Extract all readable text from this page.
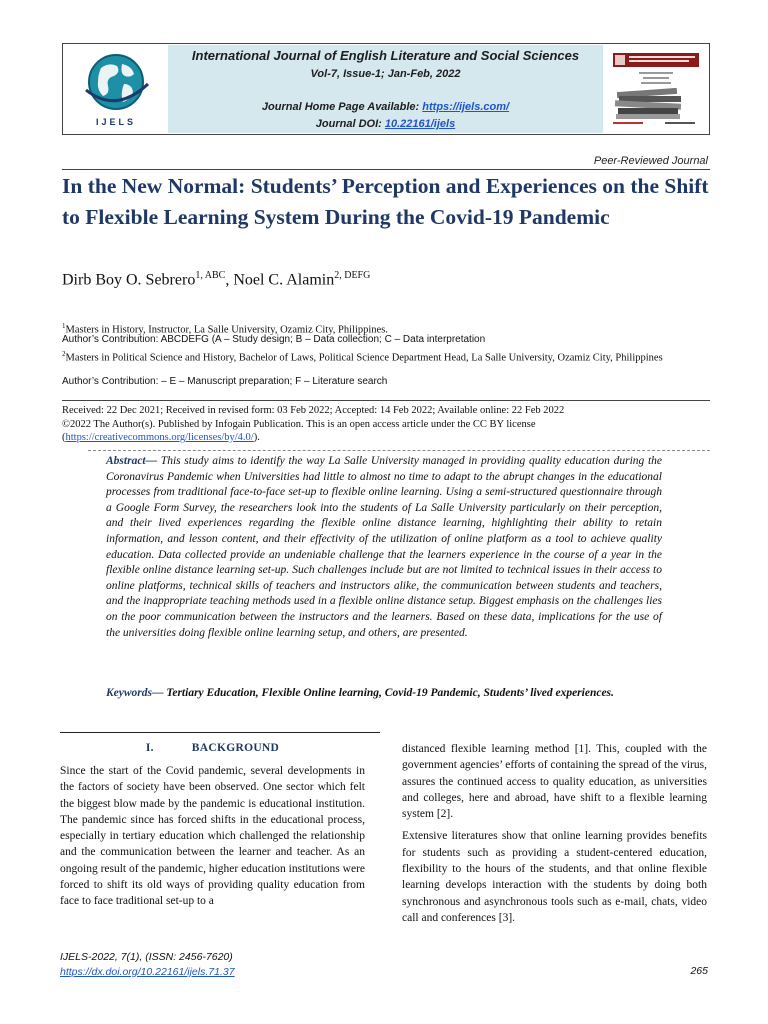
IJELS
International Journal of English Literature and Social Sciences
Vol-7, Issue-1; Jan-Feb, 2022
Journal Home Page Available: https://ijels.com/
Journal DOI: 10.22161/ijels
Peer-Reviewed Journal
In the New Normal: Students’ Perception and Experiences on the Shift to Flexible Learning System During the Covid-19 Pandemic
Dirb Boy O. Sebrero$^{1, ABC}$, Noel C. Alamin$^{2, DEFG}$
$^1$Masters in History, Instructor, La Salle University, Ozamiz City, Philippines.
Author’s Contribution: ABCDEFG (A – Study design; B – Data collection; C – Data interpretation
$^2$Masters in Political Science and History, Bachelor of Laws, Political Science Department Head, La Salle University, Ozamiz City, Philippines
Author’s Contribution: – E – Manuscript preparation; F – Literature search
Received: 22 Dec 2021; Received in revised form: 03 Feb 2022; Accepted: 14 Feb 2022; Available online: 22 Feb 2022
©2022 The Author(s). Published by Infogain Publication. This is an open access article under the CC BY license
(https://creativecommons.org/licenses/by/4.0/).
Abstract— This study aims to identify the way La Salle University managed in providing quality education during the Coronavirus Pandemic when Universities had little to almost no time to adapt to the abrupt changes in the educational processes from traditional face-to-face set-up to flexible online learning. Using a semi-structured questionnaire through a Google Form Survey, the researchers look into the students of La Salle University particularly on their perception, and their lived experiences regarding the flexible online distance learning, highlighting their ability to retain information, and lesson content, and their effectivity of the utilization of online platform as a tool to achieve quality education. Data collected provide an undeniable challenge that the learners experience in the course of a year in the flexible online distance learning set-up. Such challenges include but are not limited to technical issues in their access to online platforms, technical skills of teachers and instructors alike, the communication between students and teachers, and the inappropriate teaching methods used in a flexible online distance setup. Biggest emphasis on the challenges lies on the poor communication between the instructors and the learners. Based on these data, implications for the use of the universities doing flexible online learning setup, and others, are presented.
Keywords— Tertiary Education, Flexible Online learning, Covid-19 Pandemic, Students’ lived experiences.
I.	BACKGROUND

Since the start of the Covid pandemic, several developments in the factors of society have been observed. One sector which felt the biggest blow made by the pandemic is educational institution. The pandemic since has forced shifts in the educational process, especially in tertiary education which challenged the relationship and the communication between the learner and teacher. As an ongoing result of the pandemic, higher education institutions were forced to shift its old ways of providing quality education from face to face traditional set-up to a

distanced flexible learning method [1]. This, coupled with the government agencies’ efforts of containing the spread of the virus, assures the continued access to quality education, as universities and colleges, here and abroad, have shift to a flexible learning system [2].

Extensive literatures show that online learning provides benefits for students such as providing a student-centered education, flexibility to the hours of the students, and that online flexible learning develops interaction with the students by doing both synchronous and asynchronous tools such as e-mail, chats, video call and conferences [3].

IJELS-2022, 7(1), (ISSN: 2456-7620)
https://dx.doi.org/10.22161/ijels.71.37	265
